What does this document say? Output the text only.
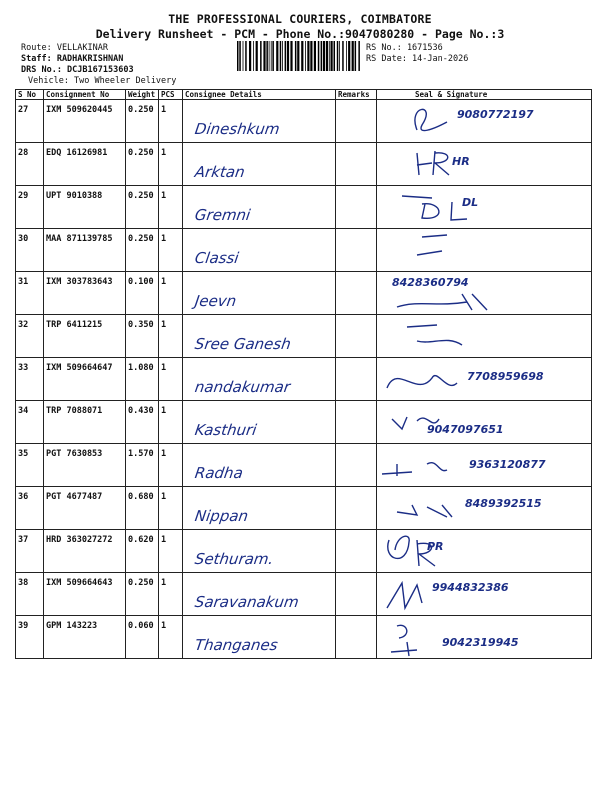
THE PROFESSIONAL COURIERS, COIMBATORE
Delivery Runsheet - PCM - Phone No.:9047080280 - Page No.:3
Route: VELLAKINAR
Staff: RADHAKRISHNAN
DRS No.: DCJB167153603
Vehicle: Two Wheeler Delivery
RS No.: 1671536
RS Date: 14-Jan-2026
S No	Consignment No	Weight	PCS	Consignee Details	Remarks	Seal & Signature
27	IXM 509620445	0.250	1	Dineshkum		9080772197

28	EDQ 16126981	0.250	1	Arktan		HR

29	UPT 9010388	0.250	1	Gremni		DL

30	MAA 871139785	0.250	1	Classi

31	IXM 303783643	0.100	1	Jeevn		8428360794

32	TRP 6411215	0.350	1	Sree Ganesh

33	IXM 509664647	1.080	1	nandakumar		7708959698

34	TRP 7088071	0.430	1	Kasthuri		9047097651

35	PGT 7630853	1.570	1	Radha		9363120877

36	PGT 4677487	0.680	1	Nippan		8489392515

37	HRD 363027272	0.620	1	Sethuram.		PR

38	IXM 509664643	0.250	1	Saravanakum		9944832386

39	GPM 143223	0.060	1	Thanganes		9042319945
